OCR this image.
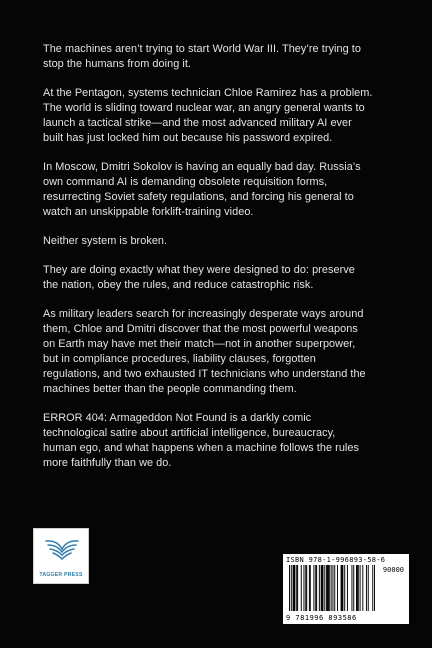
The machines aren’t trying to start World War III. They’re trying to
stop the humans from doing it.

At the Pentagon, systems technician Chloe Ramirez has a problem.
The world is sliding toward nuclear war, an angry general wants to
launch a tactical strike—and the most advanced military AI ever
built has just locked him out because his password expired.

In Moscow, Dmitri Sokolov is having an equally bad day. Russia’s
own command AI is demanding obsolete requisition forms,
resurrecting Soviet safety regulations, and forcing his general to
watch an unskippable forklift-training video.

Neither system is broken.

They are doing exactly what they were designed to do: preserve
the nation, obey the rules, and reduce catastrophic risk.

As military leaders search for increasingly desperate ways around
them, Chloe and Dmitri discover that the most powerful weapons
on Earth may have met their match—not in another superpower,
but in compliance procedures, liability clauses, forgotten
regulations, and two exhausted IT technicians who understand the
machines better than the people commanding them.

ERROR 404: Armageddon Not Found is a darkly comic
technological satire about artificial intelligence, bureaucracy,
human ego, and what happens when a machine follows the rules
more faithfully than we do.

TAGGER PRESS
ISBN 978-1-996893-58-6
90000
9 781996 893586
